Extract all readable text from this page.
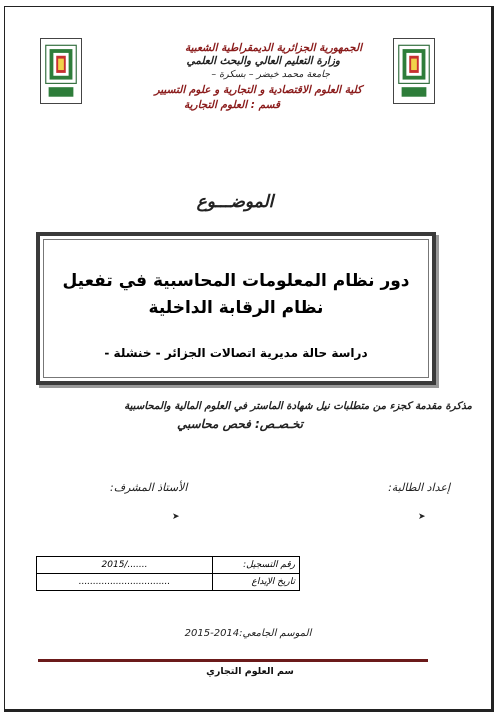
الجمهورية الجزائرية الديمقراطية الشعبية
وزارة التعليم العالي والبحث العلمي
جامعة محمد خيضر – بسكرة –
كلية العلوم الاقتصادية و التجارية و علوم التسيير
قسم : العلوم التجارية
الموضـــوع
دور نظام المعلومات المحاسبية في تفعيل نظام الرقابة الداخلية
دراسة حالة مديرية اتصالات الجزائر - خنشلة -
مذكرة مقدمة كجزء من متطلبات نيل شهادة الماستر في العلوم المالية والمحاسبية
تخـصـص: فحص محاسبي
إعداد الطالبة:
الأستاذ المشرف:
➤
➤
رقم التسجيل:	......./2015
تاريخ الإيداع	................................
الموسم الجامعي:2014-2015
سم العلوم التجاري
